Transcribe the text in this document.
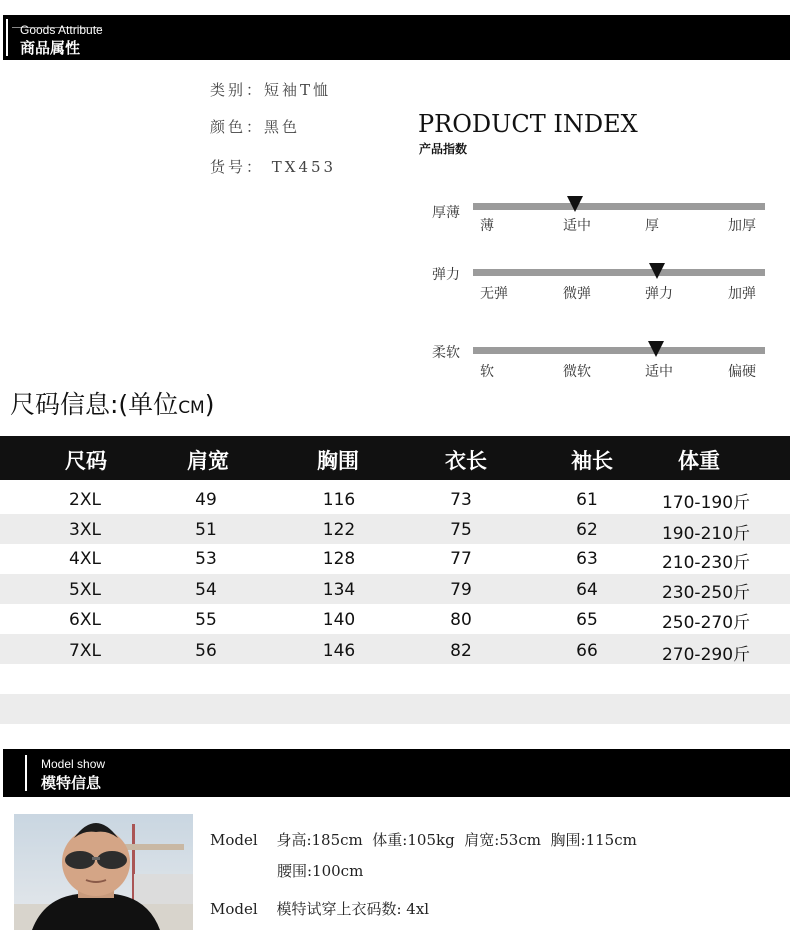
Goods Attribute
商品属性
类别：短袖T恤
颜色：黑色
货号： TX453
PRODUCT INDEX
产品指数
厚薄
薄	适中	厚	加厚
弹力
无弹	微弹	弹力	加弹
柔软
软	微软	适中	偏硬
尺码信息:(单位CM)
尺码	肩宽	胸围	衣长	袖长	体重
2XL	49	116	73	61	170-190斤
3XL	51	122	75	62	190-210斤
4XL	53	128	77	63	210-230斤
5XL	54	134	79	64	230-250斤
6XL	55	140	80	65	250-270斤
7XL	56	146	82	66	270-290斤
Model show
模特信息
Model 身高:185cm  体重:105kg  肩宽:53cm  胸围:115cm
腰围:100cm
Model 模特试穿上衣码数: 4xl
